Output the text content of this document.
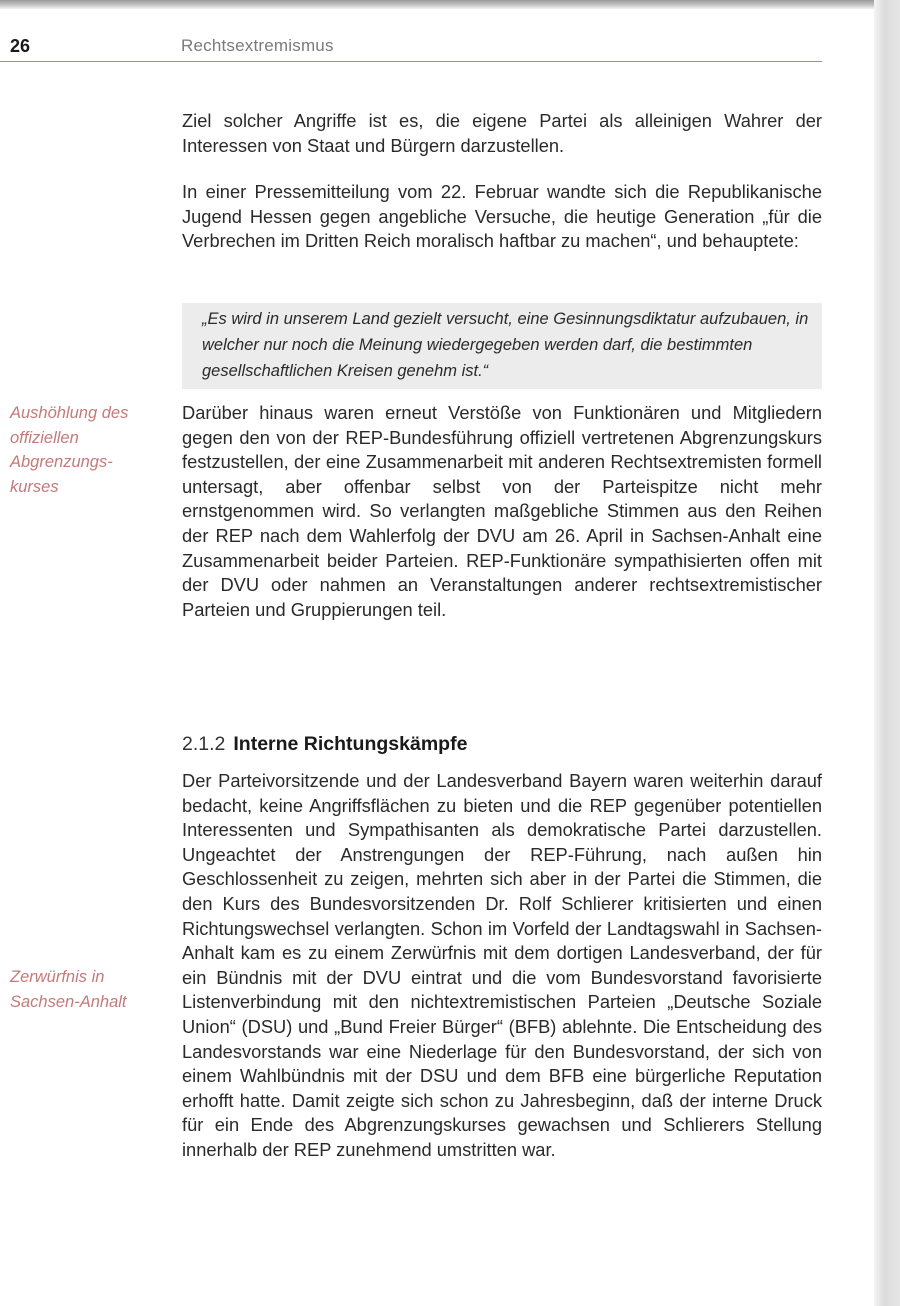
26	Rechtsextremismus

Ziel solcher Angriffe ist es, die eigene Partei als alleinigen Wahrer der Interessen von Staat und Bürgern darzustellen.

In einer Pressemitteilung vom 22. Februar wandte sich die Republikanische Jugend Hessen gegen angebliche Versuche, die heutige Generation „für die Verbrechen im Dritten Reich moralisch haftbar zu machen“, und behauptete:

„Es wird in unserem Land gezielt versucht, eine Gesinnungsdiktatur aufzubauen, in welcher nur noch die Meinung wiedergegeben werden darf, die bestimmten gesellschaftlichen Kreisen genehm ist.“
Aushöhlung des offiziellen Abgrenzungskurses

Darüber hinaus waren erneut Verstöße von Funktionären und Mitgliedern gegen den von der REP-Bundesführung offiziell vertretenen Abgrenzungskurs festzustellen, der eine Zusammenarbeit mit anderen Rechtsextremisten formell untersagt, aber offenbar selbst von der Parteispitze nicht mehr ernstgenommen wird. So verlangten maßgebliche Stimmen aus den Reihen der REP nach dem Wahlerfolg der DVU am 26. April in Sachsen-Anhalt eine Zusammenarbeit beider Parteien. REP-Funktionäre sympathisierten offen mit der DVU oder nahmen an Veranstaltungen anderer rechtsextremistischer Parteien und Gruppierungen teil.

2.1.2 Interne Richtungskämpfe
Zerwürfnis in Sachsen-Anhalt

Der Parteivorsitzende und der Landesverband Bayern waren weiterhin darauf bedacht, keine Angriffsflächen zu bieten und die REP gegenüber potentiellen Interessenten und Sympathisanten als demokratische Partei darzustellen. Ungeachtet der Anstrengungen der REP-Führung, nach außen hin Geschlossenheit zu zeigen, mehrten sich aber in der Partei die Stimmen, die den Kurs des Bundesvorsitzenden Dr. Rolf Schlierer kritisierten und einen Richtungswechsel verlangten. Schon im Vorfeld der Landtagswahl in Sachsen-Anhalt kam es zu einem Zerwürfnis mit dem dortigen Landesverband, der für ein Bündnis mit der DVU eintrat und die vom Bundesvorstand favorisierte Listenverbindung mit den nichtextremistischen Parteien „Deutsche Soziale Union“ (DSU) und „Bund Freier Bürger“ (BFB) ablehnte. Die Entscheidung des Landesvorstands war eine Niederlage für den Bundesvorstand, der sich von einem Wahlbündnis mit der DSU und dem BFB eine bürgerliche Reputation erhofft hatte. Damit zeigte sich schon zu Jahresbeginn, daß der interne Druck für ein Ende des Abgrenzungskurses gewachsen und Schlierers Stellung innerhalb der REP zunehmend umstritten war.
